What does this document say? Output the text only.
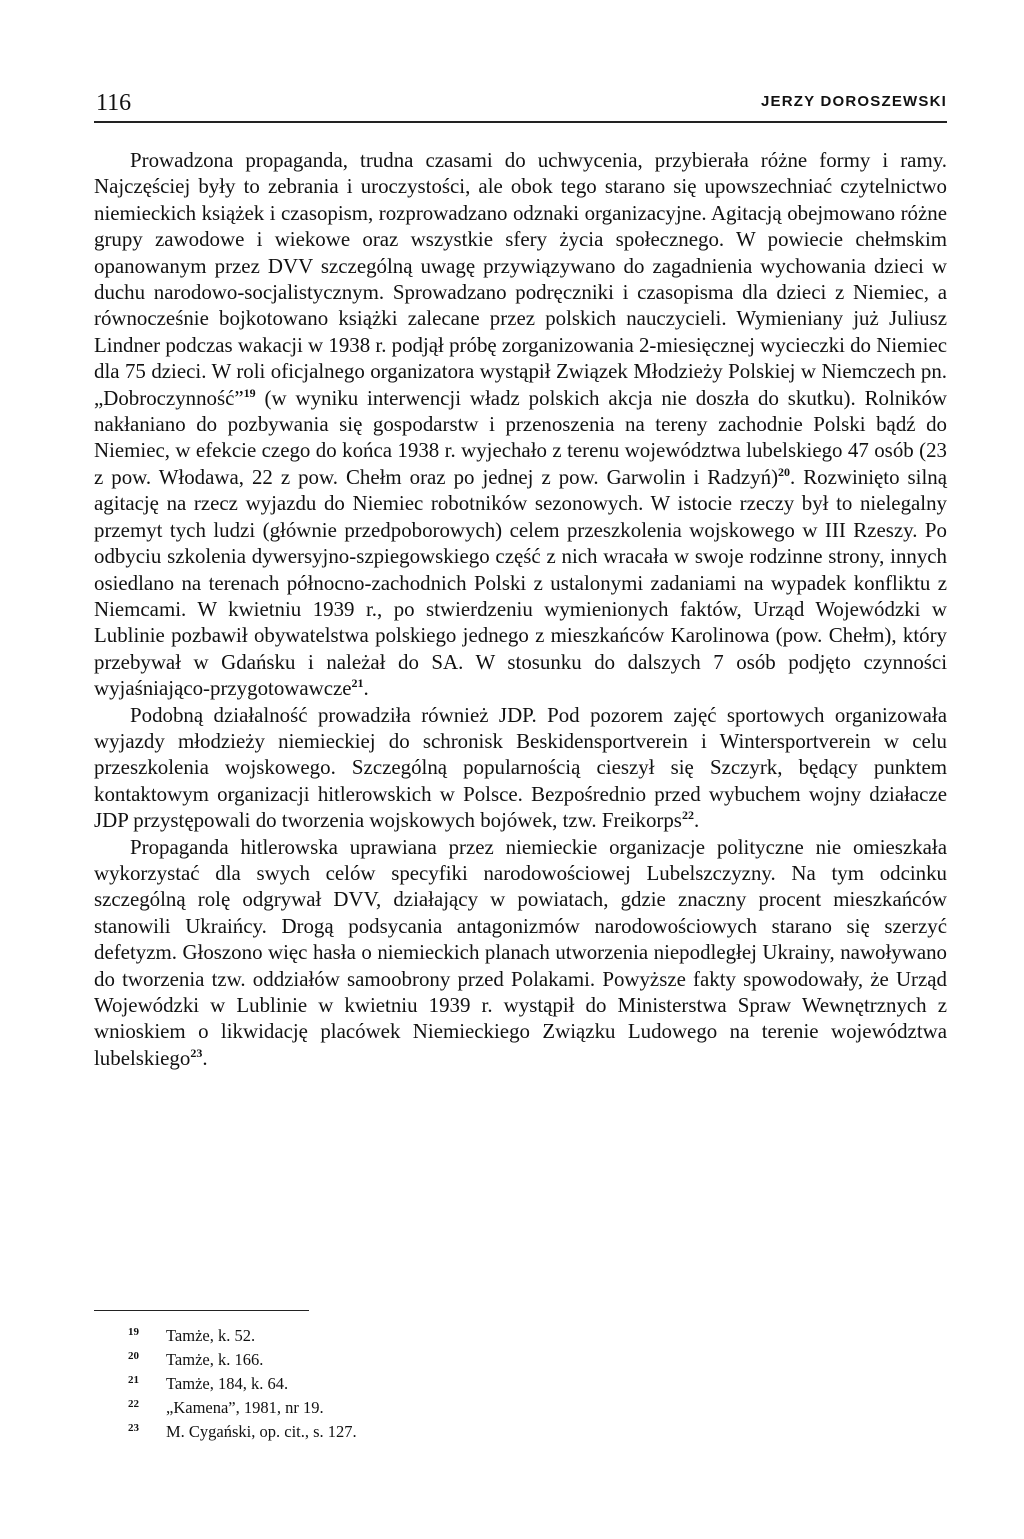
116	JERZY DOROSZEWSKI

Prowadzona propaganda, trudna czasami do uchwycenia, przybierała różne formy i ramy. Najczęściej były to zebrania i uroczystości, ale obok tego starano się upowszechniać czytelnictwo niemieckich książek i czasopism, rozprowadzano odznaki organizacyjne. Agitacją obejmowano różne grupy zawodowe i wiekowe oraz wszystkie sfery życia społecznego. W powiecie chełmskim opanowanym przez DVV szczególną uwagę przywiązywano do zagadnienia wychowania dzieci w duchu narodowo-socjalistycznym. Sprowadzano podręczniki i czasopisma dla dzieci z Niemiec, a równocześnie bojkotowano książki zalecane przez polskich nauczycieli. Wymieniany już Juliusz Lindner podczas wakacji w 1938 r. podjął próbę zorganizowania 2-miesięcznej wycieczki do Niemiec dla 75 dzieci. W roli oficjalnego organizatora wystąpił Związek Młodzieży Polskiej w Niemczech pn. „Dobroczynność”$^{19}$ (w wyniku interwencji władz polskich akcja nie doszła do skutku). Rolników nakłaniano do pozbywania się gospodarstw i przenoszenia na tereny zachodnie Polski bądź do Niemiec, w efekcie czego do końca 1938 r. wyjechało z terenu województwa lubelskiego 47 osób (23 z pow. Włodawa, 22 z pow. Chełm oraz po jednej z pow. Garwolin i Radzyń)$^{20}$. Rozwinięto silną agitację na rzecz wyjazdu do Niemiec robotników sezonowych. W istocie rzeczy był to nielegalny przemyt tych ludzi (głównie przedpoborowych) celem przeszkolenia wojskowego w III Rzeszy. Po odbyciu szkolenia dywersyjno-szpiegowskiego część z nich wracała w swoje rodzinne strony, innych osiedlano na terenach północno-zachodnich Polski z ustalonymi zadaniami na wypadek konfliktu z Niemcami. W kwietniu 1939 r., po stwierdzeniu wymienionych faktów, Urząd Wojewódzki w Lublinie pozbawił obywatelstwa polskiego jednego z mieszkańców Karolinowa (pow. Chełm), który przebywał w Gdańsku i należał do SA. W stosunku do dalszych 7 osób podjęto czynności wyjaśniająco-przygotowawcze$^{21}$.

Podobną działalność prowadziła również JDP. Pod pozorem zajęć sportowych organizowała wyjazdy młodzieży niemieckiej do schronisk Beskidensportverein i Wintersportverein w celu przeszkolenia wojskowego. Szczególną popularnością cieszył się Szczyrk, będący punktem kontaktowym organizacji hitlerowskich w Polsce. Bezpośrednio przed wybuchem wojny działacze JDP przystępowali do tworzenia wojskowych bojówek, tzw. Freikorps$^{22}$.

Propaganda hitlerowska uprawiana przez niemieckie organizacje polityczne nie omieszkała wykorzystać dla swych celów specyfiki narodowościowej Lubelszczyzny. Na tym odcinku szczególną rolę odgrywał DVV, działający w powiatach, gdzie znaczny procent mieszkańców stanowili Ukraińcy. Drogą podsycania antagonizmów narodowościowych starano się szerzyć defetyzm. Głoszono więc hasła o niemieckich planach utworzenia niepodległej Ukrainy, nawoływano do tworzenia tzw. oddziałów samoobrony przed Polakami. Powyższe fakty spowodowały, że Urząd Wojewódzki w Lublinie w kwietniu 1939 r. wystąpił do Ministerstwa Spraw Wewnętrznych z wnioskiem o likwidację placówek Niemieckiego Związku Ludowego na terenie województwa lubelskiego$^{23}$.

19 Tamże, k. 52.
20 Tamże, k. 166.
21 Tamże, 184, k. 64.
22 „Kamena”, 1981, nr 19.
23 M. Cygański, op. cit., s. 127.
